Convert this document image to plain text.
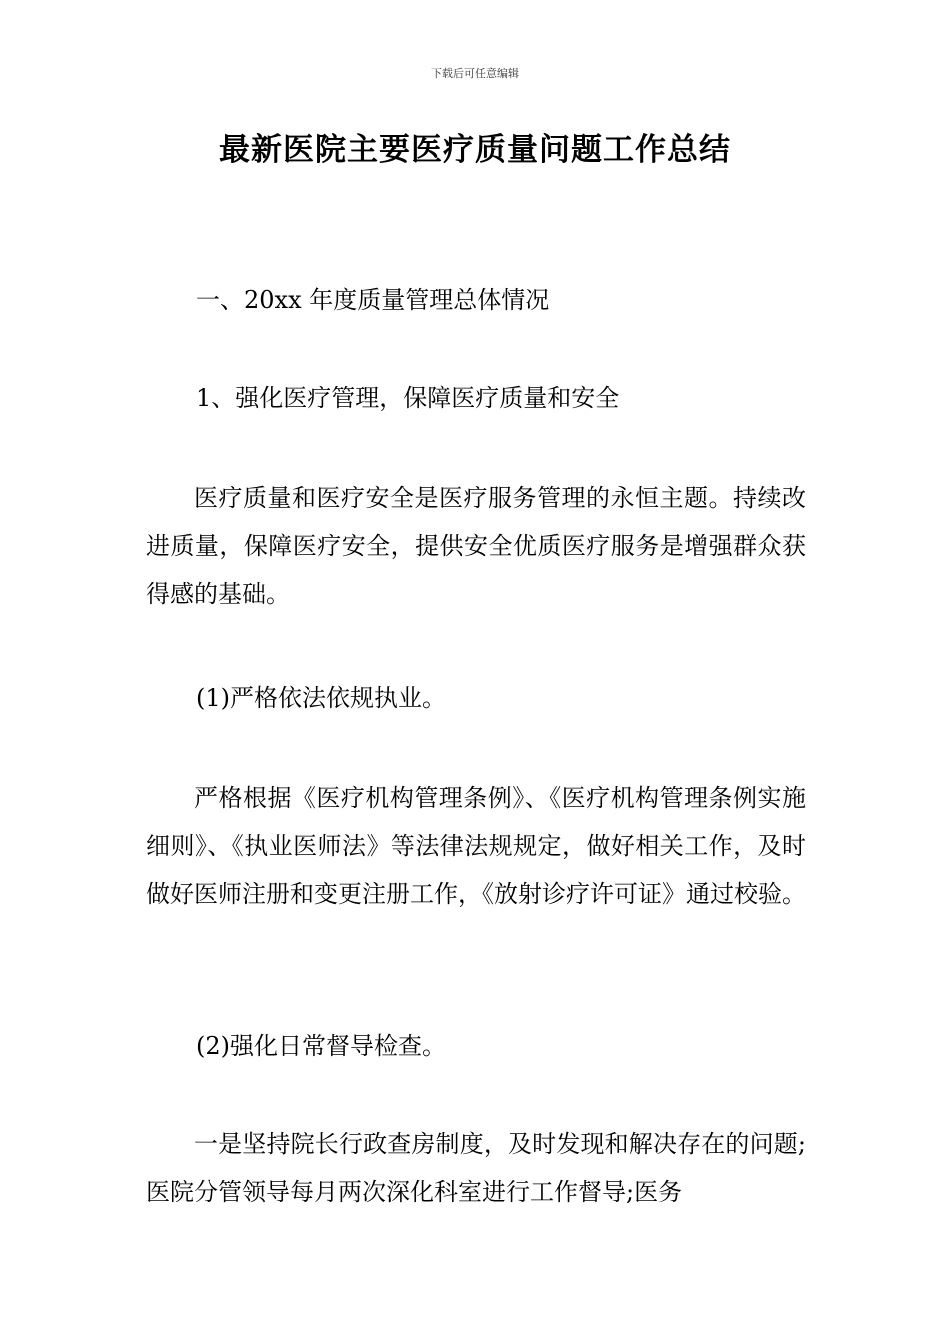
下载后可任意编辑
最新医院主要医疗质量问题工作总结

一、20xx 年度质量管理总体情况

1、强化医疗管理，保障医疗质量和安全

医疗质量和医疗安全是医疗服务管理的永恒主题。持续改进质量，保障医疗安全，提供安全优质医疗服务是增强群众获得感的基础。

(1)严格依法依规执业。

严格根据《医疗机构管理条例》、《医疗机构管理条例实施细则》、《执业医师法》等法律法规规定，做好相关工作，及时做好医师注册和变更注册工作，《放射诊疗许可证》通过校验。

(2)强化日常督导检查。

一是坚持院长行政查房制度，及时发现和解决存在的问题;医院分管领导每月两次深化科室进行工作督导;医务
